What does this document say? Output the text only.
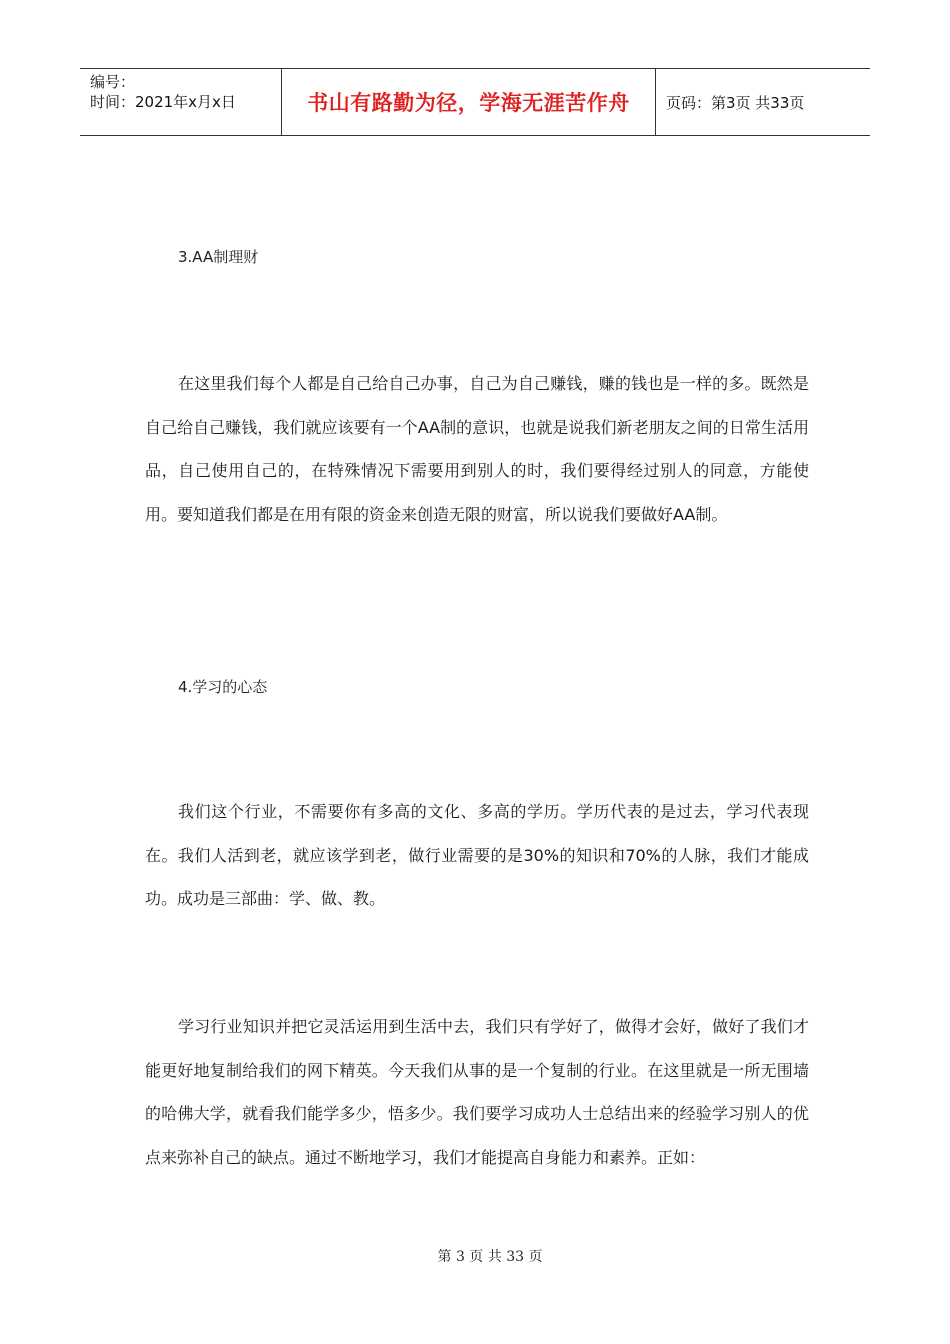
编号：
时间：2021年x月x日	书山有路勤为径，学海无涯苦作舟	页码：第3页 共33页
3.AA制理财

在这里我们每个人都是自己给自己办事，自己为自己赚钱，赚的钱也是一样的多。既然是自己给自己赚钱，我们就应该要有一个AA制的意识，也就是说我们新老朋友之间的日常生活用品，自己使用自己的，在特殊情况下需要用到别人的时，我们要得经过别人的同意，方能使用。要知道我们都是在用有限的资金来创造无限的财富，所以说我们要做好AA制。

4.学习的心态

我们这个行业，不需要你有多高的文化、多高的学历。学历代表的是过去，学习代表现在。我们人活到老，就应该学到老，做行业需要的是30%的知识和70%的人脉，我们才能成功。成功是三部曲：学、做、教。

学习行业知识并把它灵活运用到生活中去，我们只有学好了，做得才会好，做好了我们才能更好地复制给我们的网下精英。今天我们从事的是一个复制的行业。在这里就是一所无围墙的哈佛大学，就看我们能学多少，悟多少。我们要学习成功人士总结出来的经验学习别人的优点来弥补自己的缺点。通过不断地学习，我们才能提高自身能力和素养。正如：

第 3 页 共 33 页
